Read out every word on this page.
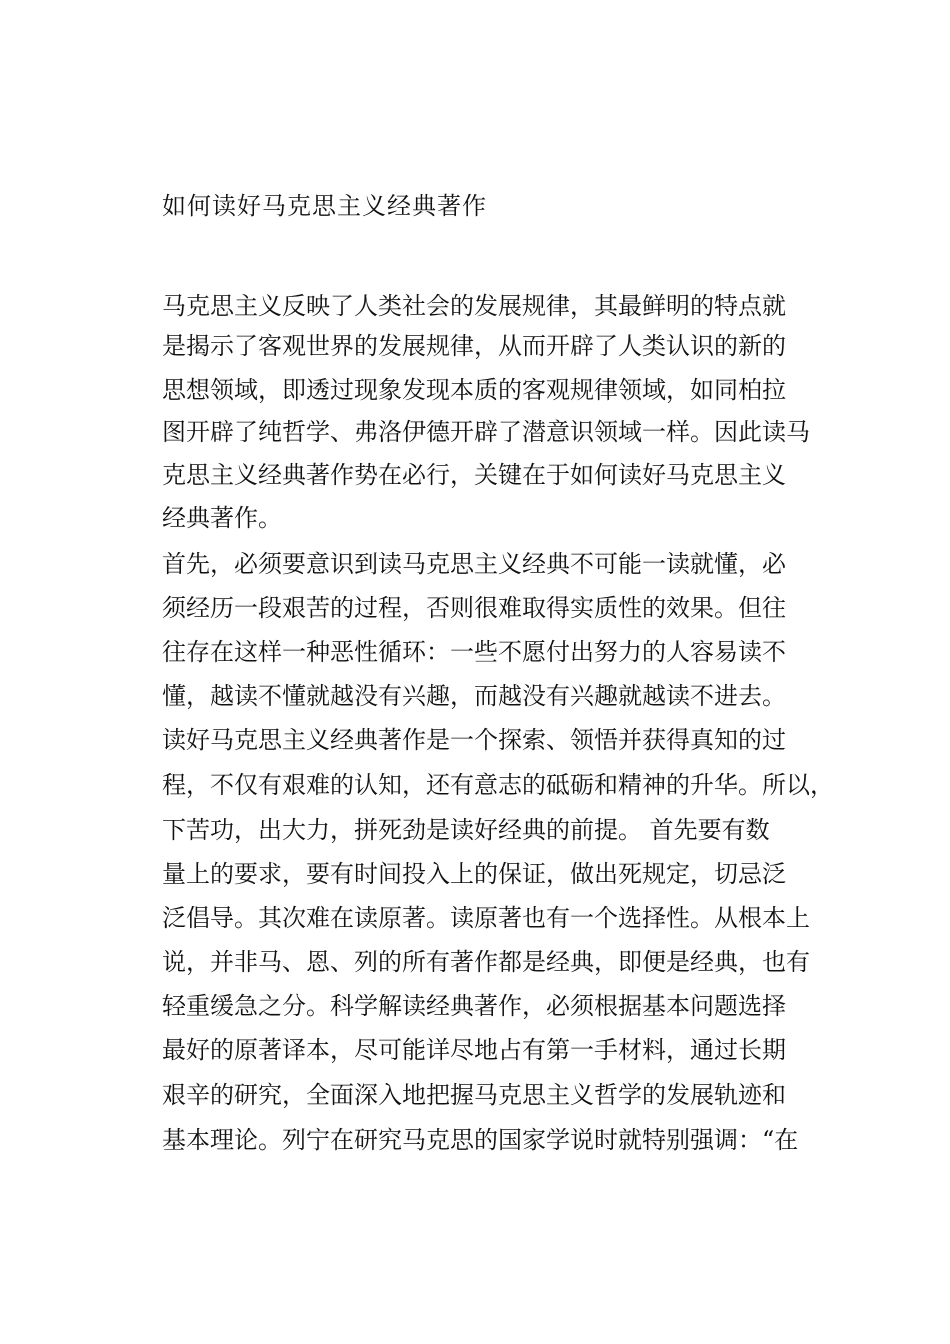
如何读好马克思主义经典著作

马克思主义反映了人类社会的发展规律，其最鲜明的特点就

是揭示了客观世界的发展规律，从而开辟了人类认识的新的

思想领域，即透过现象发现本质的客观规律领域，如同柏拉

图开辟了纯哲学、弗洛伊德开辟了潜意识领域一样。因此读马

克思主义经典著作势在必行，关键在于如何读好马克思主义

经典著作。

首先，必须要意识到读马克思主义经典不可能一读就懂，必

须经历一段艰苦的过程，否则很难取得实质性的效果。但往

往存在这样一种恶性循环：一些不愿付出努力的人容易读不

懂，越读不懂就越没有兴趣，而越没有兴趣就越读不进去。

读好马克思主义经典著作是一个探索、领悟并获得真知的过

程，不仅有艰难的认知，还有意志的砥砺和精神的升华。所以，

下苦功，出大力，拼死劲是读好经典的前提。 首先要有数

量上的要求，要有时间投入上的保证，做出死规定，切忌泛

泛倡导。其次难在读原著。读原著也有一个选择性。从根本上

说，并非马、恩、列的所有著作都是经典，即便是经典，也有

轻重缓急之分。科学解读经典著作，必须根据基本问题选择

最好的原著译本，尽可能详尽地占有第一手材料，通过长期

艰辛的研究，全面深入地把握马克思主义哲学的发展轨迹和

基本理论。列宁在研究马克思的国家学说时就特别强调：“在
